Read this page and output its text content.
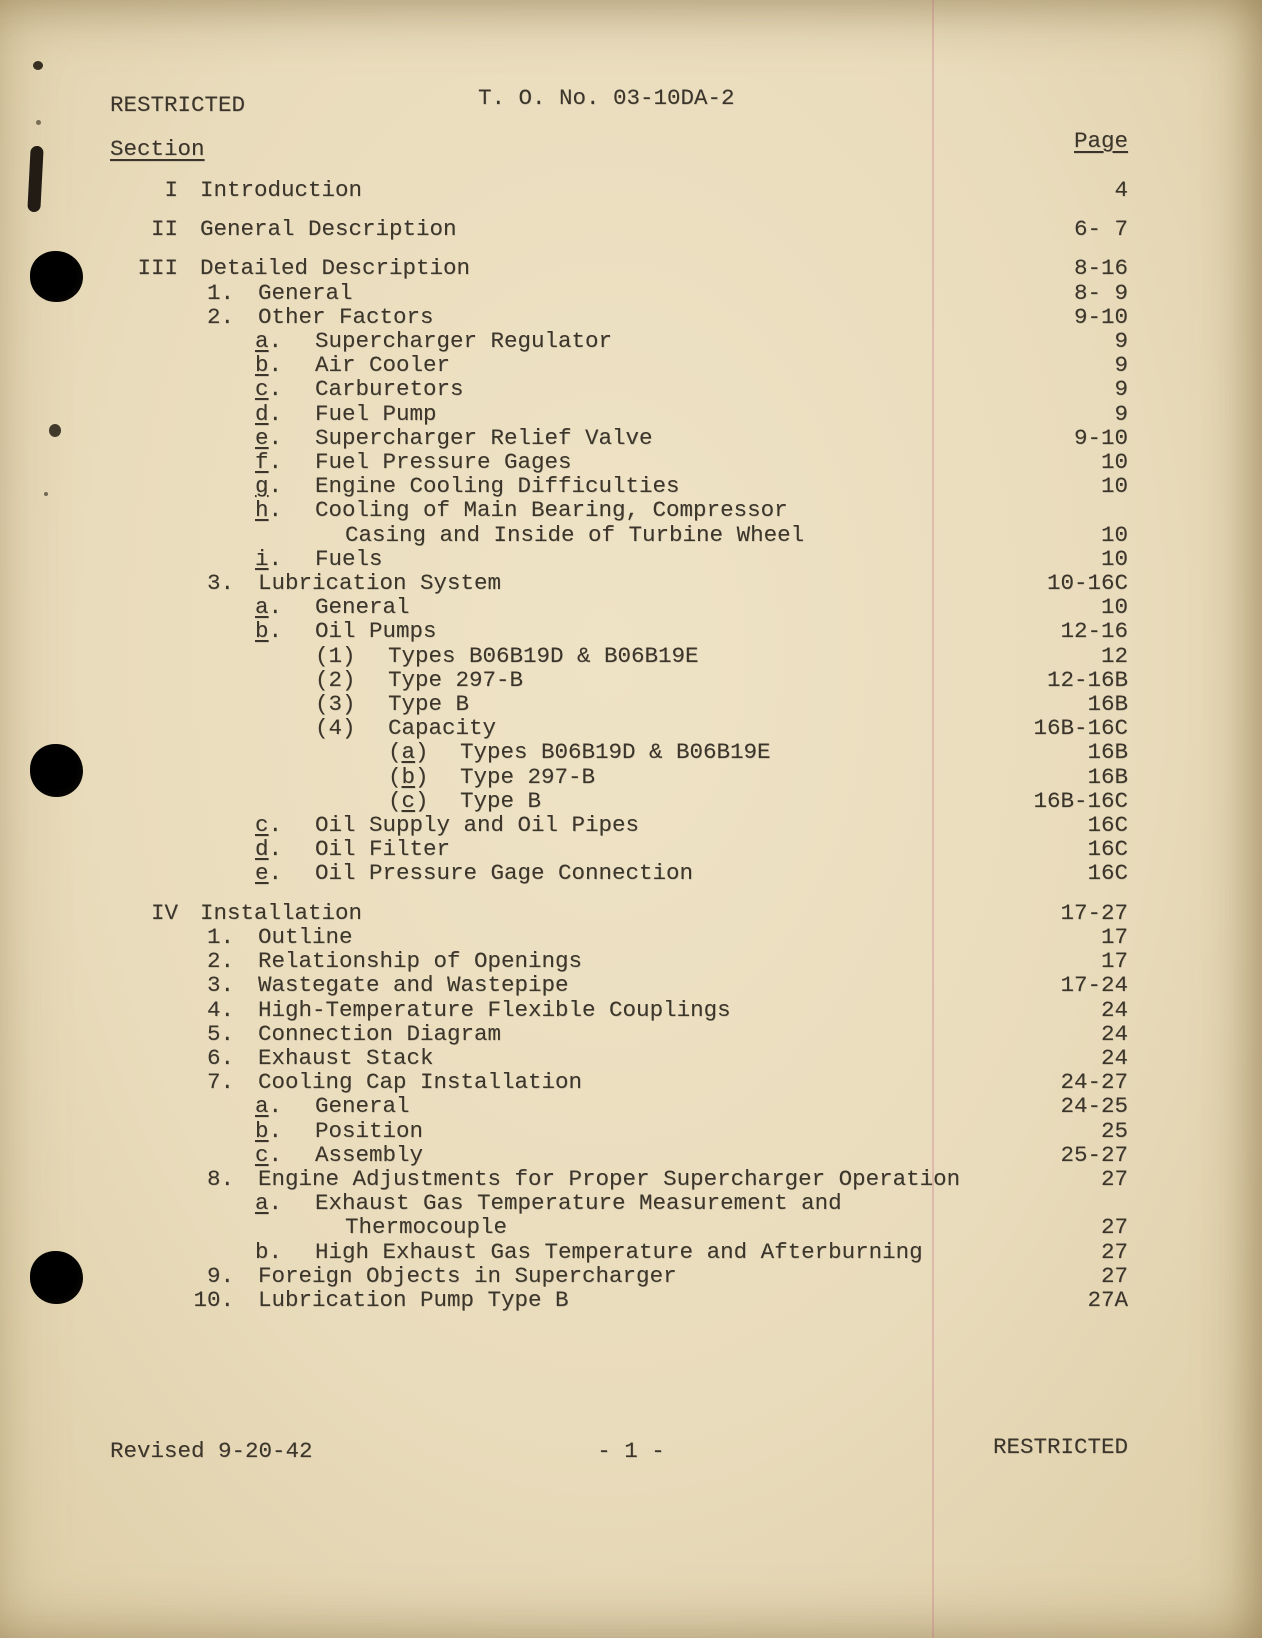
RESTRICTED	T. O. No. 03-10DA-2
Section	Page
I Introduction	4
II General Description	6- 7
III Detailed Description	8-16
1.	General	8- 9
2.	Other Factors	9-10
a.	Supercharger Regulator	9
b.	Air Cooler	9
c.	Carburetors	9
d.	Fuel Pump	9
e.	Supercharger Relief Valve	9-10
f.	Fuel Pressure Gages	10
g.	Engine Cooling Difficulties	10
h.	Cooling of Main Bearing, Compressor
Casing and Inside of Turbine Wheel	10
i.	Fuels	10
3.	Lubrication System	10-16C
a.	General	10
b.	Oil Pumps	12-16
(1)	Types B06B19D & B06B19E	12
(2)	Type 297-B	12-16B
(3)	Type B	16B
(4)	Capacity	16B-16C
(a)	Types B06B19D & B06B19E	16B
(b)	Type 297-B	16B
(c)	Type B	16B-16C
c.	Oil Supply and Oil Pipes	16C
d.	Oil Filter	16C
e.	Oil Pressure Gage Connection	16C
IV Installation	17-27
1.	Outline	17
2.	Relationship of Openings	17
3.	Wastegate and Wastepipe	17-24
4.	High-Temperature Flexible Couplings	24
5.	Connection Diagram	24
6.	Exhaust Stack	24
7.	Cooling Cap Installation	24-27
a.	General	24-25
b.	Position	25
c.	Assembly	25-27
8.	Engine Adjustments for Proper Supercharger Operation	27
a.	Exhaust Gas Temperature Measurement and
Thermocouple	27
b.	High Exhaust Gas Temperature and Afterburning	27
9.	Foreign Objects in Supercharger	27
10.	Lubrication Pump Type B	27A
Revised 9-20-42	- 1 -	RESTRICTED
